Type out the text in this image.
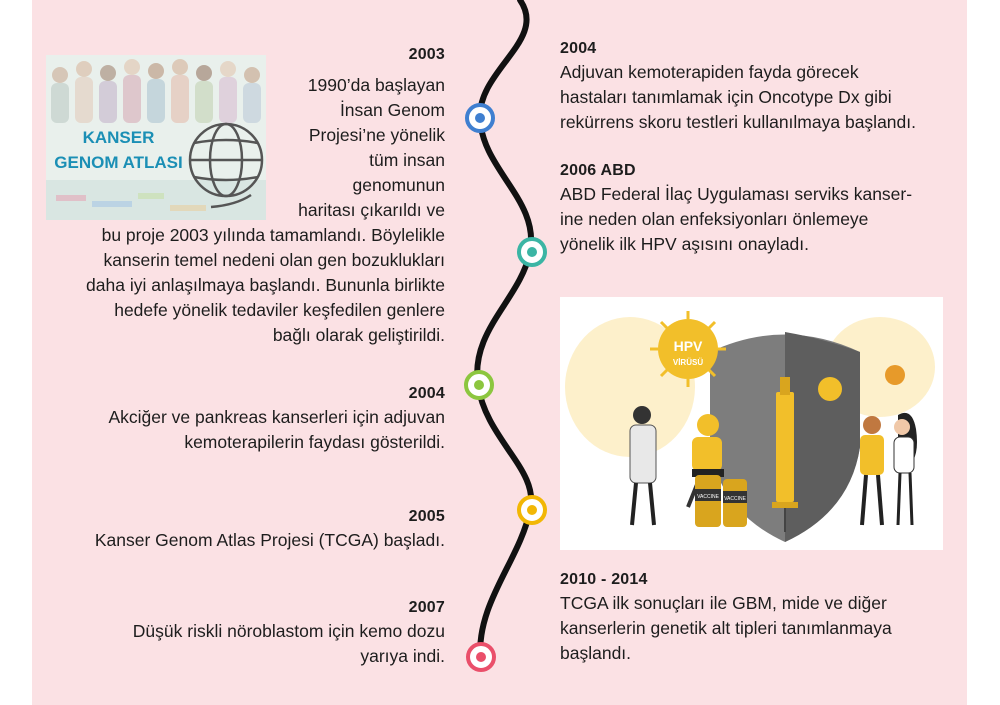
KANSER
GENOM ATLASI
HPV
VİRÜSÜ
VACCINE VACCINE
2003
1990’da başlayan
İnsan Genom
Projesi’ne yönelik
tüm insan
genomunun
haritası çıkarıldı ve
bu proje 2003 yılında tamamlandı. Böylelikle
kanserin temel nedeni olan gen bozuklukları
daha iyi anlaşılmaya başlandı. Bununla birlikte
hedefe yönelik tedaviler keşfedilen genlere
bağlı olarak geliştirildi.
2004
Akciğer ve pankreas kanserleri için adjuvan
kemoterapilerin faydası gösterildi.
2005
Kanser Genom Atlas Projesi (TCGA) başladı.
2007
Düşük riskli nöroblastom için kemo dozu
yarıya indi.
2004
Adjuvan kemoterapiden fayda görecek
hastaları tanımlamak için Oncotype Dx gibi
rekürrens skoru testleri kullanılmaya başlandı.
2006 ABD
ABD Federal İlaç Uygulaması serviks kanser-
ine neden olan enfeksiyonları önlemeye
yönelik ilk HPV aşısını onayladı.
2010 - 2014
TCGA ilk sonuçları ile GBM, mide ve diğer
kanserlerin genetik alt tipleri tanımlanmaya
başlandı.
